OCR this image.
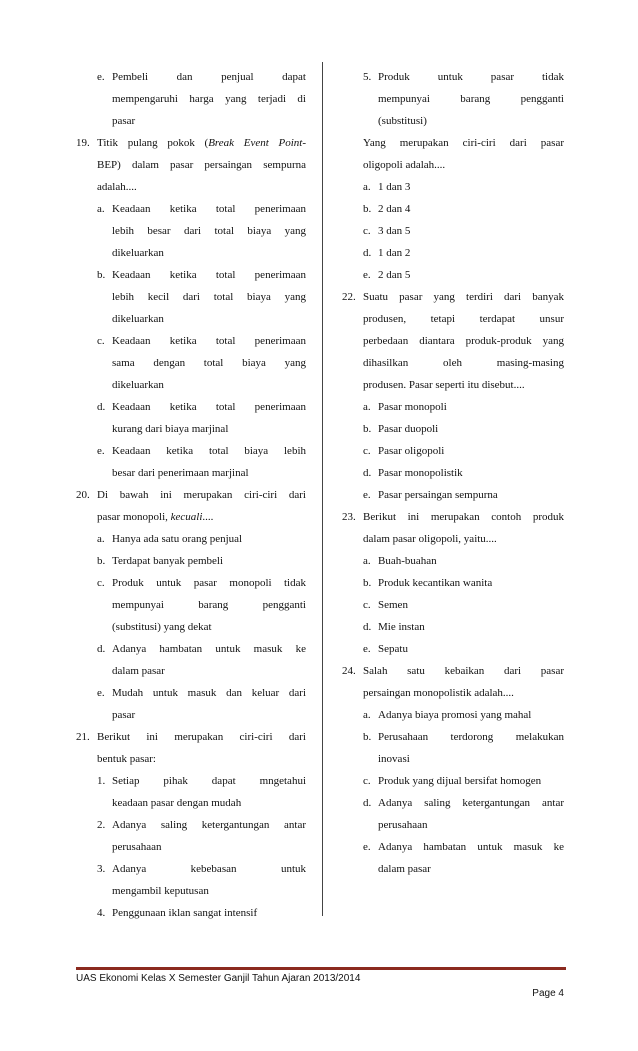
e. Pembeli dan penjual dapat
mempengaruhi harga yang terjadi di
pasar
19. Titik pulang pokok (Break Event Point-
BEP) dalam pasar persaingan sempurna
adalah....
a. Keadaan ketika total penerimaan
lebih besar dari total biaya yang
dikeluarkan
b. Keadaan ketika total penerimaan
lebih kecil dari total biaya yang
dikeluarkan
c. Keadaan ketika total penerimaan
sama dengan total biaya yang
dikeluarkan
d. Keadaan ketika total penerimaan
kurang dari biaya marjinal
e. Keadaan ketika total biaya lebih
besar dari penerimaan marjinal
20. Di bawah ini merupakan ciri-ciri dari
pasar monopoli, kecuali....
a. Hanya ada satu orang penjual
b. Terdapat banyak pembeli
c. Produk untuk pasar monopoli tidak
mempunyai barang pengganti
(substitusi) yang dekat
d. Adanya hambatan untuk masuk ke
dalam pasar
e. Mudah untuk masuk dan keluar dari
pasar
21. Berikut ini merupakan ciri-ciri dari
bentuk pasar:
1. Setiap pihak dapat mngetahui
keadaan pasar dengan mudah
2. Adanya saling ketergantungan antar
perusahaan
3. Adanya kebebasan untuk
mengambil keputusan
4. Penggunaan iklan sangat intensif
5. Produk untuk pasar tidak
mempunyai barang pengganti
(substitusi)
Yang merupakan ciri-ciri dari pasar
oligopoli adalah....
a. 1 dan 3
b. 2 dan 4
c. 3 dan 5
d. 1 dan 2
e. 2 dan 5
22. Suatu pasar yang terdiri dari banyak
produsen, tetapi terdapat unsur
perbedaan diantara produk-produk yang
dihasilkan oleh masing-masing
produsen. Pasar seperti itu disebut....
a. Pasar monopoli
b. Pasar duopoli
c. Pasar oligopoli
d. Pasar monopolistik
e. Pasar persaingan sempurna
23. Berikut ini merupakan contoh produk
dalam pasar oligopoli, yaitu....
a. Buah-buahan
b. Produk kecantikan wanita
c. Semen
d. Mie instan
e. Sepatu
24. Salah satu kebaikan dari pasar
persaingan monopolistik adalah....
a. Adanya biaya promosi yang mahal
b. Perusahaan terdorong melakukan
inovasi
c. Produk yang dijual bersifat homogen
d. Adanya saling ketergantungan antar
perusahaan
e. Adanya hambatan untuk masuk ke
dalam pasar
UAS Ekonomi Kelas X Semester Ganjil Tahun Ajaran 2013/2014
Page 4
